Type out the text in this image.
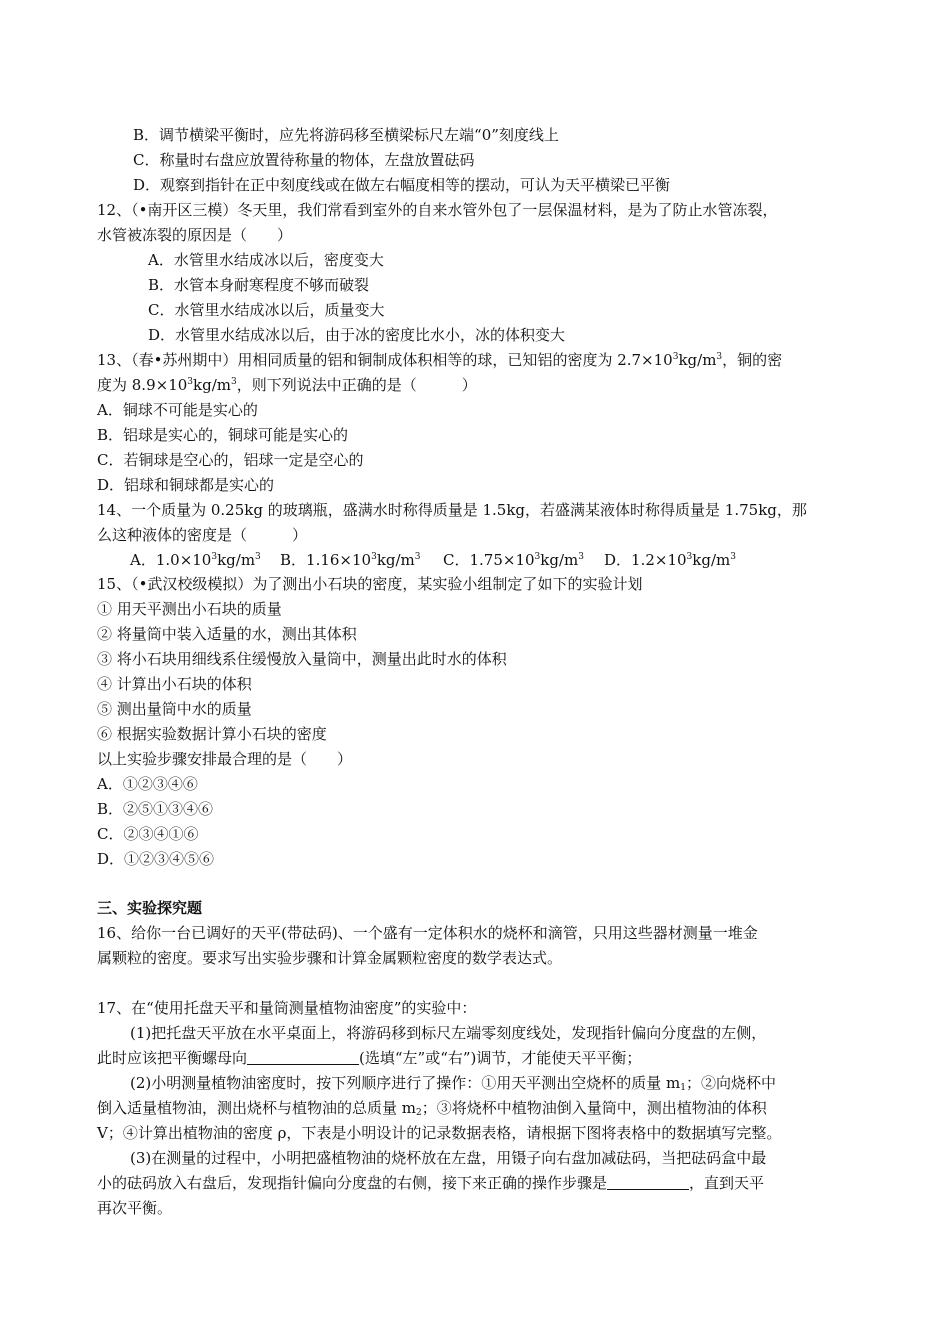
B．调节横梁平衡时，应先将游码移至横梁标尺左端“0”刻度线上
C．称量时右盘应放置待称量的物体，左盘放置砝码
D．观察到指针在正中刻度线或在做左右幅度相等的摆动，可认为天平横梁已平衡
12、（•南开区三模）冬天里，我们常看到室外的自来水管外包了一层保温材料，是为了防止水管冻裂，
水管被冻裂的原因是（　　）
A．水管里水结成冰以后，密度变大
B．水管本身耐寒程度不够而破裂
C．水管里水结成冰以后，质量变大
D．水管里水结成冰以后，由于冰的密度比水小，冰的体积变大
13、（春•苏州期中）用相同质量的铝和铜制成体积相等的球，已知铝的密度为 $2.7\times 10^3kg/m^3$，铜的密
度为 $8.9\times 10^3kg/m^3$，则下列说法中正确的是（　　　）
A．铜球不可能是实心的
B．铝球是实心的，铜球可能是实心的
C．若铜球是空心的，铝球一定是空心的
D．铝球和铜球都是实心的
14、一个质量为 0.25kg 的玻璃瓶，盛满水时称得质量是 1.5kg，若盛满某液体时称得质量是 1.75kg，那
么这种液体的密度是（　　　）
A．$1.0\times 10^3kg/m^3$ B．$1.16\times 10^3kg/m^3$ C．$1.75\times 10^3kg/m^3$ D．$1.2\times 10^3kg/m^3$
15、（•武汉校级模拟）为了测出小石块的密度，某实验小组制定了如下的实验计划
① 用天平测出小石块的质量
② 将量筒中装入适量的水，测出其体积
③ 将小石块用细线系住缓慢放入量筒中，测量出此时水的体积
④ 计算出小石块的体积
⑤ 测出量筒中水的质量
⑥ 根据实验数据计算小石块的密度
以上实验步骤安排最合理的是（　　）
A．①②③④⑥
B．②⑤①③④⑥
C．②③④①⑥
D．①②③④⑤⑥
三、实验探究题
16、给你一台已调好的天平(带砝码)、一个盛有一定体积水的烧杯和滴管，只用这些器材测量一堆金
属颗粒的密度。要求写出实验步骤和计算金属颗粒密度的数学表达式。
17、在“使用托盘天平和量筒测量植物油密度”的实验中：
(1)把托盘天平放在水平桌面上，将游码移到标尺左端零刻度线处，发现指针偏向分度盘的左侧，
此时应该把平衡螺母向	(选填“左”或“右”)调节，才能使天平平衡；
(2)小明测量植物油密度时，按下列顺序进行了操作：①用天平测出空烧杯的质量 $m_1$；②向烧杯中
倒入适量植物油，测出烧杯与植物油的总质量 $m_2$；③将烧杯中植物油倒入量筒中，测出植物油的体积
V；④计算出植物油的密度 ρ，下表是小明设计的记录数据表格，请根据下图将表格中的数据填写完整。
(3)在测量的过程中，小明把盛植物油的烧杯放在左盘，用镊子向右盘加减砝码，当把砝码盒中最
小的砝码放入右盘后，发现指针偏向分度盘的右侧，接下来正确的操作步骤是	，直到天平
再次平衡。
